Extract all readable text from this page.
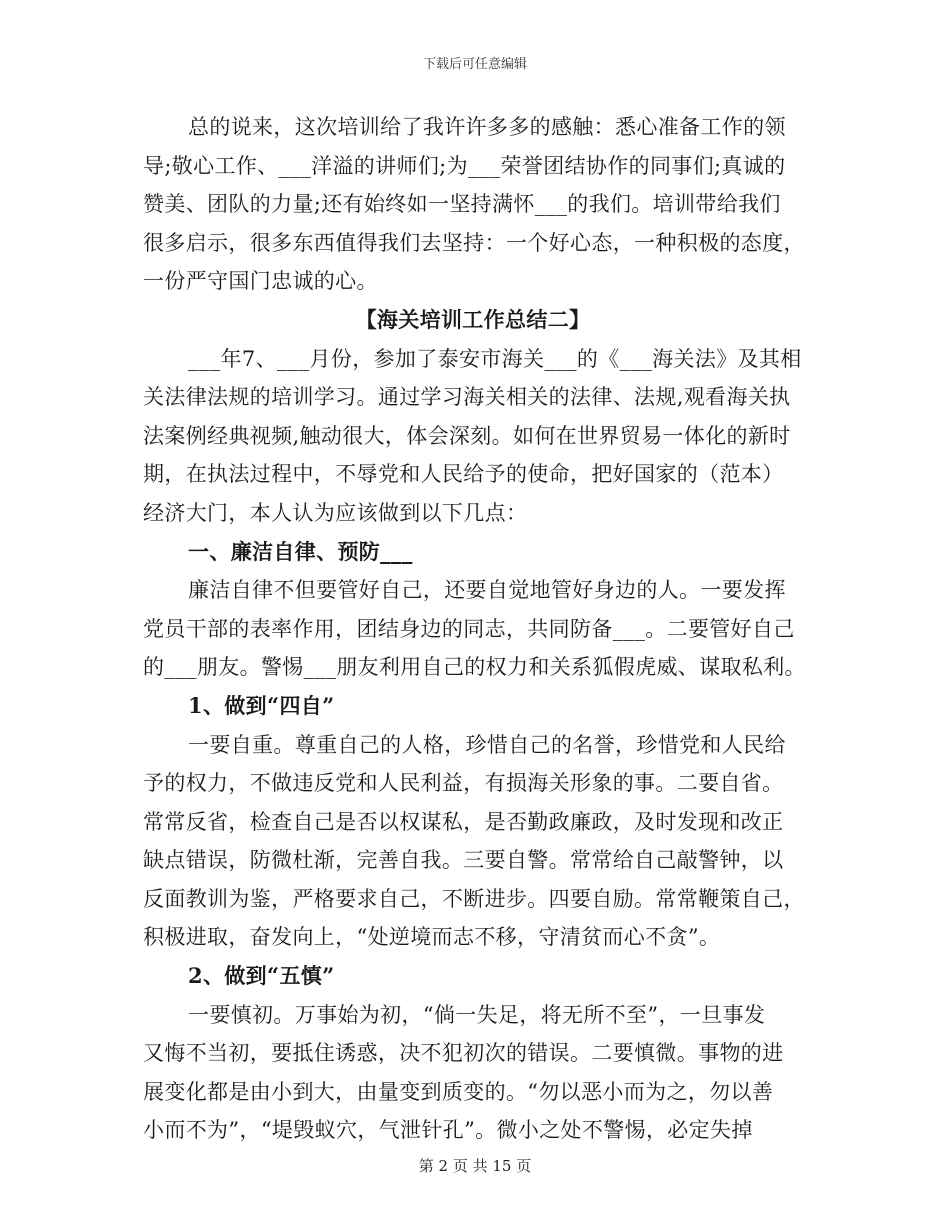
下载后可任意编辑
总的说来，这次培训给了我许许多多的感触：悉心准备工作的领
导;敬心工作、___洋溢的讲师们;为___荣誉团结协作的同事们;真诚的
赞美、团队的力量;还有始终如一坚持满怀___的我们。培训带给我们
很多启示，很多东西值得我们去坚持：一个好心态，一种积极的态度，
一份严守国门忠诚的心。
【海关培训工作总结二】
___年7、___月份，参加了泰安市海关___的《___海关法》及其相
关法律法规的培训学习。通过学习海关相关的法律、法规,观看海关执
法案例经典视频,触动很大，体会深刻。如何在世界贸易一体化的新时
期，在执法过程中，不辱党和人民给予的使命，把好国家的（范本）
经济大门，本人认为应该做到以下几点：
一、廉洁自律、预防___
廉洁自律不但要管好自己，还要自觉地管好身边的人。一要发挥
党员干部的表率作用，团结身边的同志，共同防备___。二要管好自己
的___朋友。警惕___朋友利用自己的权力和关系狐假虎威、谋取私利。
1、做到“四自”
一要自重。尊重自己的人格，珍惜自己的名誉，珍惜党和人民给
予的权力，不做违反党和人民利益，有损海关形象的事。二要自省。
常常反省，检查自己是否以权谋私，是否勤政廉政，及时发现和改正
缺点错误，防微杜渐，完善自我。三要自警。常常给自己敲警钟，以
反面教训为鉴，严格要求自己，不断进步。四要自励。常常鞭策自己，
积极进取，奋发向上，“处逆境而志不移，守清贫而心不贪”。
2、做到“五慎”
一要慎初。万事始为初，“倘一失足，将无所不至”，一旦事发
又悔不当初，要抵住诱惑，决不犯初次的错误。二要慎微。事物的进
展变化都是由小到大，由量变到质变的。“勿以恶小而为之，勿以善
小而不为”，“堤毁蚁穴，气泄针孔”。微小之处不警惕，必定失掉
第 2 页 共 15 页
